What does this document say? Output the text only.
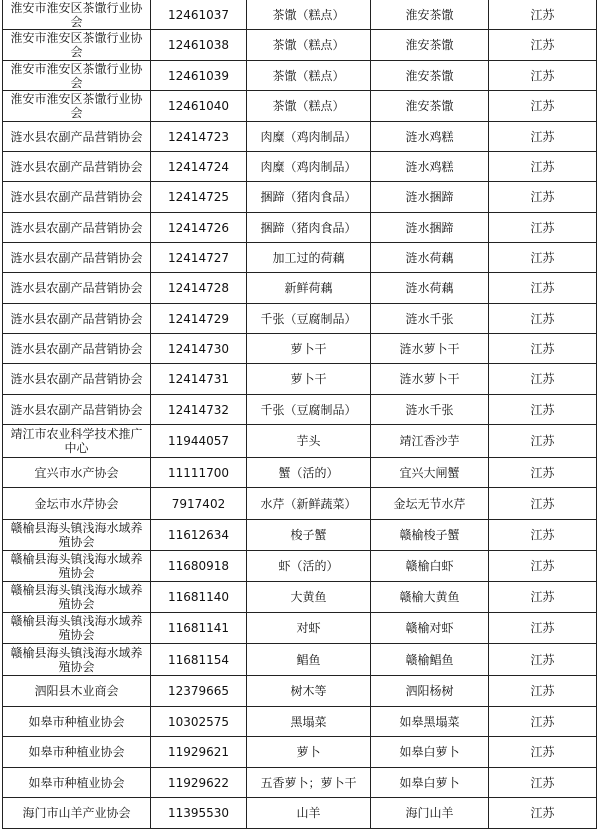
淮安市淮安区茶馓行业协会	12461037	茶馓（糕点）	淮安茶馓	江苏
淮安市淮安区茶馓行业协会	12461038	茶馓（糕点）	淮安茶馓	江苏
淮安市淮安区茶馓行业协会	12461039	茶馓（糕点）	淮安茶馓	江苏
淮安市淮安区茶馓行业协会	12461040	茶馓（糕点）	淮安茶馓	江苏
涟水县农副产品营销协会	12414723	肉糜（鸡肉制品）	涟水鸡糕	江苏
涟水县农副产品营销协会	12414724	肉糜（鸡肉制品）	涟水鸡糕	江苏
涟水县农副产品营销协会	12414725	捆蹄（猪肉食品）	涟水捆蹄	江苏
涟水县农副产品营销协会	12414726	捆蹄（猪肉食品）	涟水捆蹄	江苏
涟水县农副产品营销协会	12414727	加工过的荷藕	涟水荷藕	江苏
涟水县农副产品营销协会	12414728	新鲜荷藕	涟水荷藕	江苏
涟水县农副产品营销协会	12414729	千张（豆腐制品）	涟水千张	江苏
涟水县农副产品营销协会	12414730	萝卜干	涟水萝卜干	江苏
涟水县农副产品营销协会	12414731	萝卜干	涟水萝卜干	江苏
涟水县农副产品营销协会	12414732	千张（豆腐制品）	涟水千张	江苏
靖江市农业科学技术推广中心	11944057	芋头	靖江香沙芋	江苏
宜兴市水产协会	11111700	蟹（活的）	宜兴大闸蟹	江苏
金坛市水芹协会	7917402	水芹（新鲜蔬菜）	金坛无节水芹	江苏
赣榆县海头镇浅海水域养殖协会	11612634	梭子蟹	赣榆梭子蟹	江苏
赣榆县海头镇浅海水域养殖协会	11680918	虾（活的）	赣榆白虾	江苏
赣榆县海头镇浅海水域养殖协会	11681140	大黄鱼	赣榆大黄鱼	江苏
赣榆县海头镇浅海水域养殖协会	11681141	对虾	赣榆对虾	江苏
赣榆县海头镇浅海水域养殖协会	11681154	鲳鱼	赣榆鲳鱼	江苏
泗阳县木业商会	12379665	树木等	泗阳杨树	江苏
如皋市种植业协会	10302575	黑塌菜	如皋黑塌菜	江苏
如皋市种植业协会	11929621	萝卜	如皋白萝卜	江苏
如皋市种植业协会	11929622	五香萝卜；萝卜干	如皋白萝卜	江苏
海门市山羊产业协会	11395530	山羊	海门山羊	江苏
